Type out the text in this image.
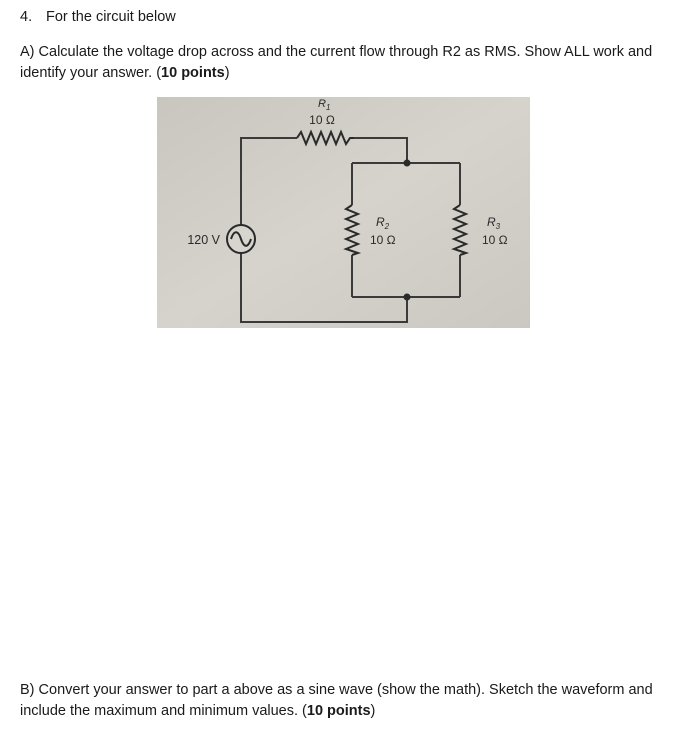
4. For the circuit below
A) Calculate the voltage drop across and the current flow through R2 as RMS. Show ALL work and identify your answer. (10 points)
120 V
$R_1$
10 Ω
$R_2$
10 Ω
$R_3$
10 Ω
B) Convert your answer to part a above as a sine wave (show the math). Sketch the waveform and include the maximum and minimum values. (10 points)
